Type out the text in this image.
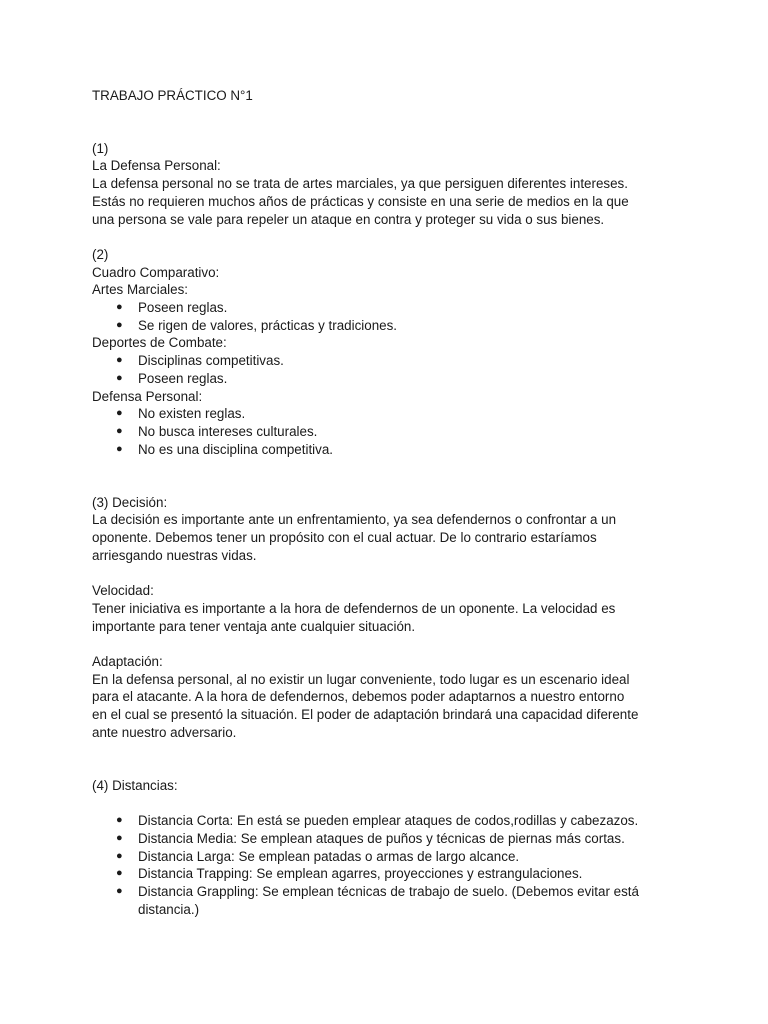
TRABAJO PRÁCTICO N°1
(1)
La Defensa Personal:
La defensa personal no se trata de artes marciales, ya que persiguen diferentes intereses.
Estás no requieren muchos años de prácticas y consiste en una serie de medios en la que
una persona se vale para repeler un ataque en contra y proteger su vida o sus bienes.
(2)
Cuadro Comparativo:
Artes Marciales:
● Poseen reglas.
● Se rigen de valores, prácticas y tradiciones.
Deportes de Combate:
● Disciplinas competitivas.
● Poseen reglas.
Defensa Personal:
● No existen reglas.
● No busca intereses culturales.
● No es una disciplina competitiva.
(3) Decisión:
La decisión es importante ante un enfrentamiento, ya sea defendernos o confrontar a un
oponente. Debemos tener un propósito con el cual actuar. De lo contrario estaríamos
arriesgando nuestras vidas.
Velocidad:
Tener iniciativa es importante a la hora de defendernos de un oponente. La velocidad es
importante para tener ventaja ante cualquier situación.
Adaptación:
En la defensa personal, al no existir un lugar conveniente, todo lugar es un escenario ideal
para el atacante. A la hora de defendernos, debemos poder adaptarnos a nuestro entorno
en el cual se presentó la situación. El poder de adaptación brindará una capacidad diferente
ante nuestro adversario.
(4) Distancias:
● Distancia Corta: En está se pueden emplear ataques de codos,rodillas y cabezazos.
● Distancia Media: Se emplean ataques de puños y técnicas de piernas más cortas.
● Distancia Larga: Se emplean patadas o armas de largo alcance.
● Distancia Trapping: Se emplean agarres, proyecciones y estrangulaciones.
● Distancia Grappling: Se emplean técnicas de trabajo de suelo. (Debemos evitar está distancia.)
